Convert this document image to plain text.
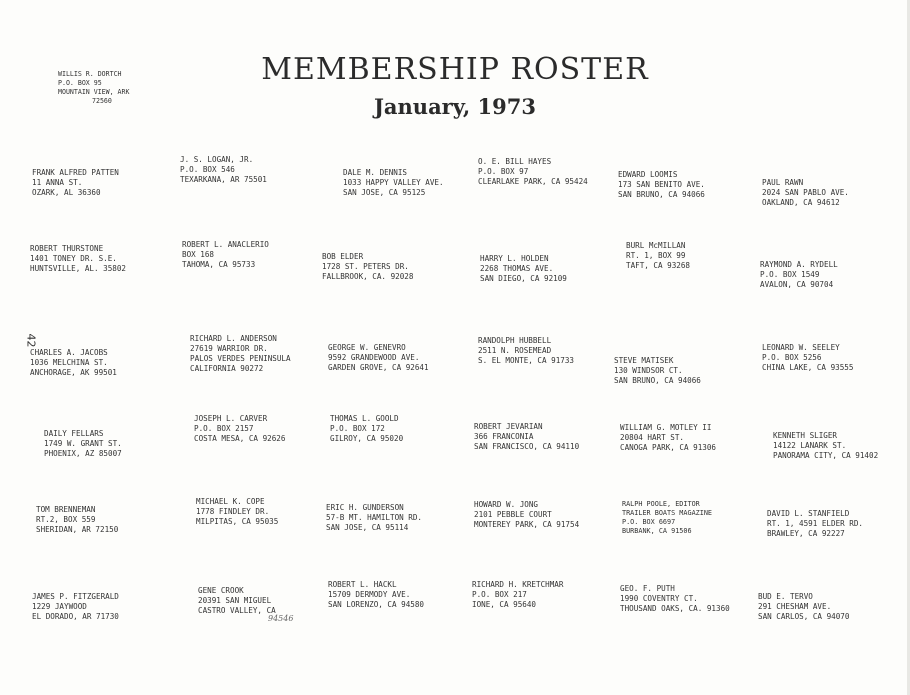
WILLIS R. DORTCH
P.O. BOX 95
MOUNTAIN VIEW, ARK
72560
MEMBERSHIP ROSTER
January, 1973
42
FRANK ALFRED PATTEN
11 ANNA ST.
OZARK, AL 36360
J. S. LOGAN, JR.
P.O. BOX 546
TEXARKANA, AR 75501
DALE M. DENNIS
1033 HAPPY VALLEY AVE.
SAN JOSE, CA 95125
O. E. BILL HAYES
P.O. BOX 97
CLEARLAKE PARK, CA 95424
EDWARD LOOMIS
173 SAN BENITO AVE.
SAN BRUNO, CA 94066
PAUL RAWN
2024 SAN PABLO AVE.
OAKLAND, CA 94612
ROBERT THURSTONE
1401 TONEY DR. S.E.
HUNTSVILLE, AL. 35802
ROBERT L. ANACLERIO
BOX 168
TAHOMA, CA 95733
BOB ELDER
1728 ST. PETERS DR.
FALLBROOK, CA. 92028
HARRY L. HOLDEN
2268 THOMAS AVE.
SAN DIEGO, CA 92109
BURL McMILLAN
RT. 1, BOX 99
TAFT, CA 93268	RAYMOND A. RYDELL
P.O. BOX 1549
AVALON, CA 90704
CHARLES A. JACOBS
1036 MELCHINA ST.
ANCHORAGE, AK 99501
RICHARD L. ANDERSON
27619 WARRIOR DR.
PALOS VERDES PENINSULA
CALIFORNIA 90272
GEORGE W. GENEVRO
9592 GRANDEWOOD AVE.
GARDEN GROVE, CA 92641
RANDOLPH HUBBELL
2511 N. ROSEMEAD
S. EL MONTE, CA 91733	STEVE MATISEK
130 WINDSOR CT.
SAN BRUNO, CA 94066
LEONARD W. SEELEY
P.O. BOX 5256
CHINA LAKE, CA 93555
DAILY FELLARS
1749 W. GRANT ST.
PHOENIX, AZ 85007
JOSEPH L. CARVER
P.O. BOX 2157
COSTA MESA, CA 92626
THOMAS L. GOOLD
P.O. BOX 172
GILROY, CA 95020
ROBERT JEVARIAN
366 FRANCONIA
SAN FRANCISCO, CA 94110
WILLIAM G. MOTLEY II
20804 HART ST.
CANOGA PARK, CA 91306
KENNETH SLIGER
14122 LANARK ST.
PANORAMA CITY, CA 91402
TOM BRENNEMAN
RT.2, BOX 559
SHERIDAN, AR 72150
MICHAEL K. COPE
1778 FINDLEY DR.
MILPITAS, CA 95035
ERIC H. GUNDERSON
57-B MT. HAMILTON RD.
SAN JOSE, CA 95114
HOWARD W. JONG
2101 PEBBLE COURT
MONTEREY PARK, CA 91754
RALPH POOLE, EDITOR
TRAILER BOATS MAGAZINE
P.O. BOX 6697
BURBANK, CA 91506
DAVID L. STANFIELD
RT. 1, 4591 ELDER RD.
BRAWLEY, CA 92227
JAMES P. FITZGERALD
1229 JAYWOOD
EL DORADO, AR 71730
GENE CROOK
20391 SAN MIGUEL
CASTRO VALLEY, CA
ROBERT L. HACKL
15709 DERMODY AVE.
SAN LORENZO, CA 94580
RICHARD H. KRETCHMAR
P.O. BOX 217
IONE, CA 95640
GEO. F. PUTH
1990 COVENTRY CT.
THOUSAND OAKS, CA. 91360
BUD E. TERVO
291 CHESHAM AVE.
SAN CARLOS, CA 94070
94546
